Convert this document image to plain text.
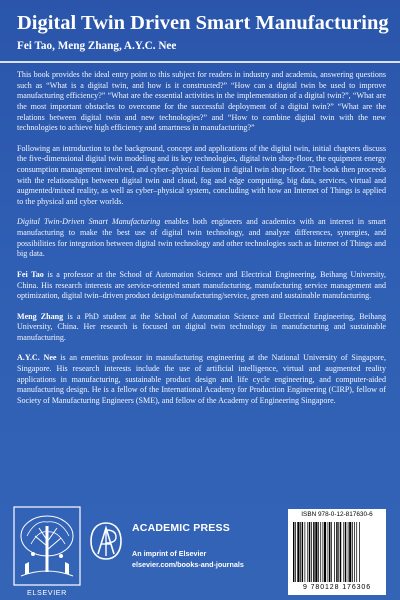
Digital Twin Driven Smart Manufacturing
Fei Tao, Meng Zhang, A.Y.C. Nee

This book provides the ideal entry point to this subject for readers in industry and academia, answering questions such as “What is a digital twin, and how is it constructed?” “How can a digital twin be used to improve manufacturing efficiency?” “What are the essential activities in the implementation of a digital twin?”, “What are the most important obstacles to overcome for the successful deployment of a digital twin?” “What are the relations between digital twin and new technologies?” and “How to combine digital twin with the new technologies to achieve high efficiency and smartness in manufacturing?”

Following an introduction to the background, concept and applications of the digital twin, initial chapters discuss the five-dimensional digital twin modeling and its key technologies, digital twin shop-floor, the equipment energy consumption management involved, and cyber–physical fusion in digital twin shop-floor. The book then proceeds with the relationships between digital twin and cloud, fog and edge computing, big data, services, virtual and augmented/mixed reality, as well as cyber–physical system, concluding with how an Internet of Things is applied to the physical and cyber worlds.

Digital Twin-Driven Smart Manufacturing enables both engineers and academics with an interest in smart manufacturing to make the best use of digital twin technology, and analyze differences, synergies, and possibilities for integration between digital twin technology and other technologies such as Internet of Things and big data.

Fei Tao is a professor at the School of Automation Science and Electrical Engineering, Beihang University, China. His research interests are service-oriented smart manufacturing, manufacturing service management and optimization, digital twin–driven product design/manufacturing/service, green and sustainable manufacturing.

Meng Zhang is a PhD student at the School of Automation Science and Electrical Engineering, Beihang University, China. Her research is focused on digital twin technology in manufacturing and sustainable manufacturing.

A.Y.C. Nee is an emeritus professor in manufacturing engineering at the National University of Singapore, Singapore. His research interests include the use of artificial intelligence, virtual and augmented reality applications in manufacturing, sustainable product design and life cycle engineering, and computer-aided manufacturing design. He is a fellow of the International Academy for Production Engineering (CIRP), fellow of Society of Manufacturing Engineers (SME), and fellow of the Academy of Engineering Singapore.

ELSEVIER
ACADEMIC PRESS
An imprint of Elsevier
elsevier.com/books-and-journals
ISBN 978-0-12-817630-6
9 780128 176306
